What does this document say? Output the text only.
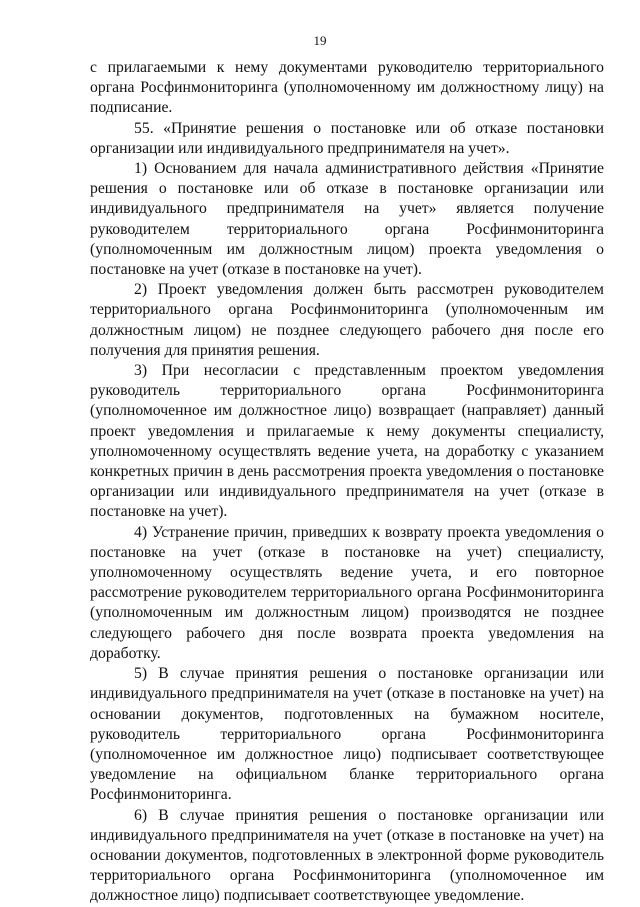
19

с прилагаемыми к нему документами руководителю территориального органа Росфинмониторинга (уполномоченному им должностному лицу) на подписание.

55. «Принятие решения о постановке или об отказе постановки организации или индивидуального предпринимателя на учет».

1) Основанием для начала административного действия «Принятие решения о постановке или об отказе в постановке организации или индивидуального предпринимателя на учет» является получение руководителем территориального органа Росфинмониторинга (уполномоченным им должностным лицом) проекта уведомления о постановке на учет (отказе в постановке на учет).

2) Проект уведомления должен быть рассмотрен руководителем территориального органа Росфинмониторинга (уполномоченным им должностным лицом) не позднее следующего рабочего дня после его получения для принятия решения.

3) При несогласии с представленным проектом уведомления руководитель территориального органа Росфинмониторинга (уполномоченное им должностное лицо) возвращает (направляет) данный проект уведомления и прилагаемые к нему документы специалисту, уполномоченному осуществлять ведение учета, на доработку с указанием конкретных причин в день рассмотрения проекта уведомления о постановке организации или индивидуального предпринимателя на учет (отказе в постановке на учет).

4) Устранение причин, приведших к возврату проекта уведомления о постановке на учет (отказе в постановке на учет) специалисту, уполномоченному осуществлять ведение учета, и его повторное рассмотрение руководителем территориального органа Росфинмониторинга (уполномоченным им должностным лицом) производятся не позднее следующего рабочего дня после возврата проекта уведомления на доработку.

5) В случае принятия решения о постановке организации или индивидуального предпринимателя на учет (отказе в постановке на учет) на основании документов, подготовленных на бумажном носителе, руководитель территориального органа Росфинмониторинга (уполномоченное им должностное лицо) подписывает соответствующее уведомление на официальном бланке территориального органа Росфинмониторинга.

6) В случае принятия решения о постановке организации или индивидуального предпринимателя на учет (отказе в постановке на учет) на основании документов, подготовленных в электронной форме руководитель территориального органа Росфинмониторинга (уполномоченное им должностное лицо) подписывает соответствующее уведомление.
